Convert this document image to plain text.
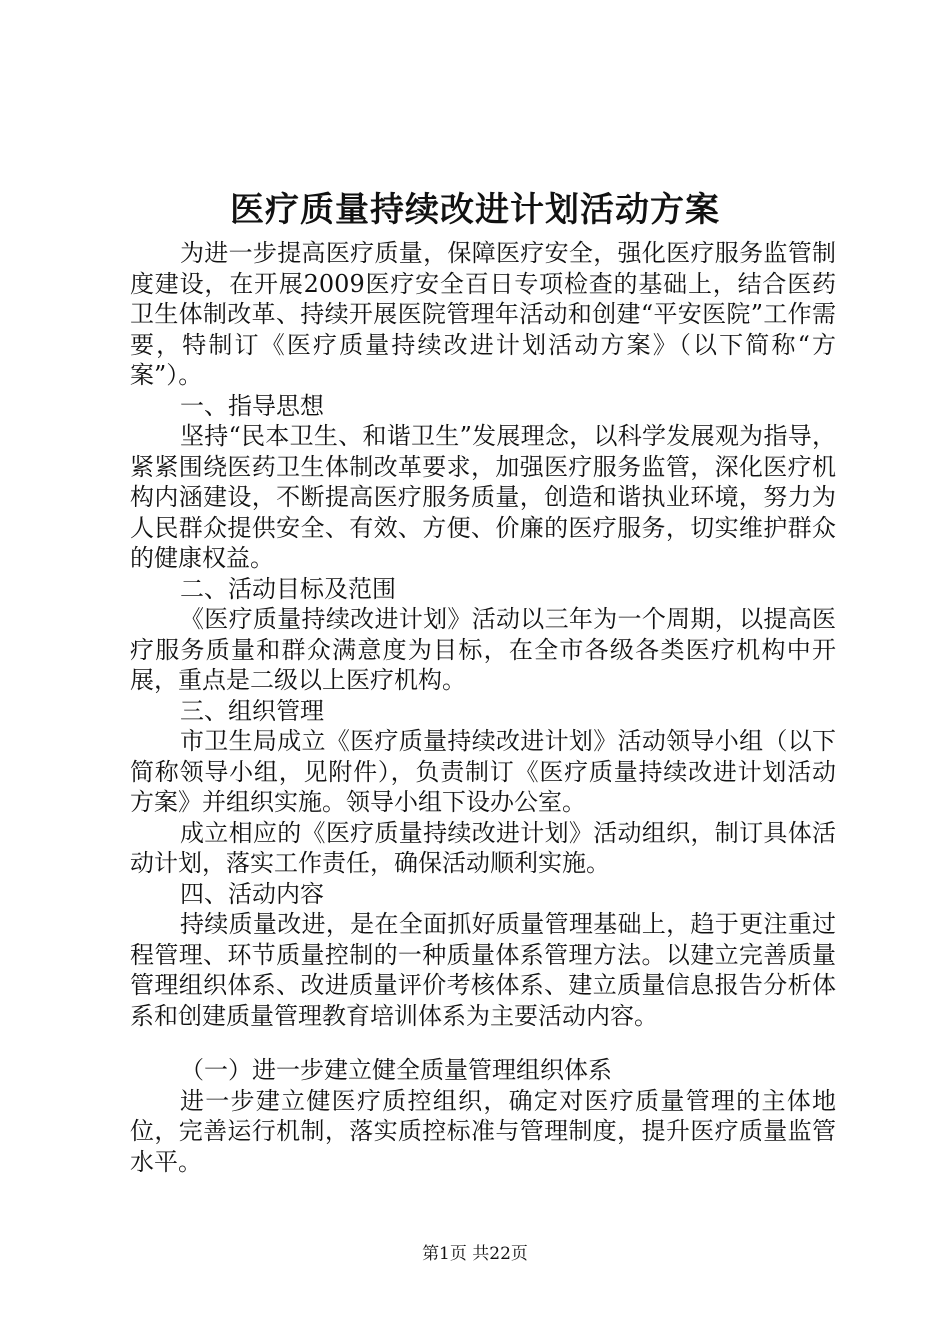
医疗质量持续改进计划活动方案

为进一步提高医疗质量，保障医疗安全，强化医疗服务监管制度建设，在开展2009医疗安全百日专项检查的基础上，结合医药卫生体制改革、持续开展医院管理年活动和创建“平安医院”工作需要，特制订《医疗质量持续改进计划活动方案》（以下简称“方案”）。

一、指导思想

坚持“民本卫生、和谐卫生”发展理念，以科学发展观为指导，紧紧围绕医药卫生体制改革要求，加强医疗服务监管，深化医疗机构内涵建设，不断提高医疗服务质量，创造和谐执业环境，努力为人民群众提供安全、有效、方便、价廉的医疗服务，切实维护群众的健康权益。

二、活动目标及范围

《医疗质量持续改进计划》活动以三年为一个周期，以提高医疗服务质量和群众满意度为目标，在全市各级各类医疗机构中开展，重点是二级以上医疗机构。

三、组织管理

市卫生局成立《医疗质量持续改进计划》活动领导小组（以下简称领导小组，见附件），负责制订《医疗质量持续改进计划活动方案》并组织实施。领导小组下设办公室。

成立相应的《医疗质量持续改进计划》活动组织，制订具体活动计划，落实工作责任，确保活动顺利实施。

四、活动内容

持续质量改进，是在全面抓好质量管理基础上，趋于更注重过程管理、环节质量控制的一种质量体系管理方法。以建立完善质量管理组织体系、改进质量评价考核体系、建立质量信息报告分析体系和创建质量管理教育培训体系为主要活动内容。

（一）进一步建立健全质量管理组织体系

进一步建立健医疗质控组织，确定对医疗质量管理的主体地位，完善运行机制，落实质控标准与管理制度，提升医疗质量监管水平。

第1页 共22页
